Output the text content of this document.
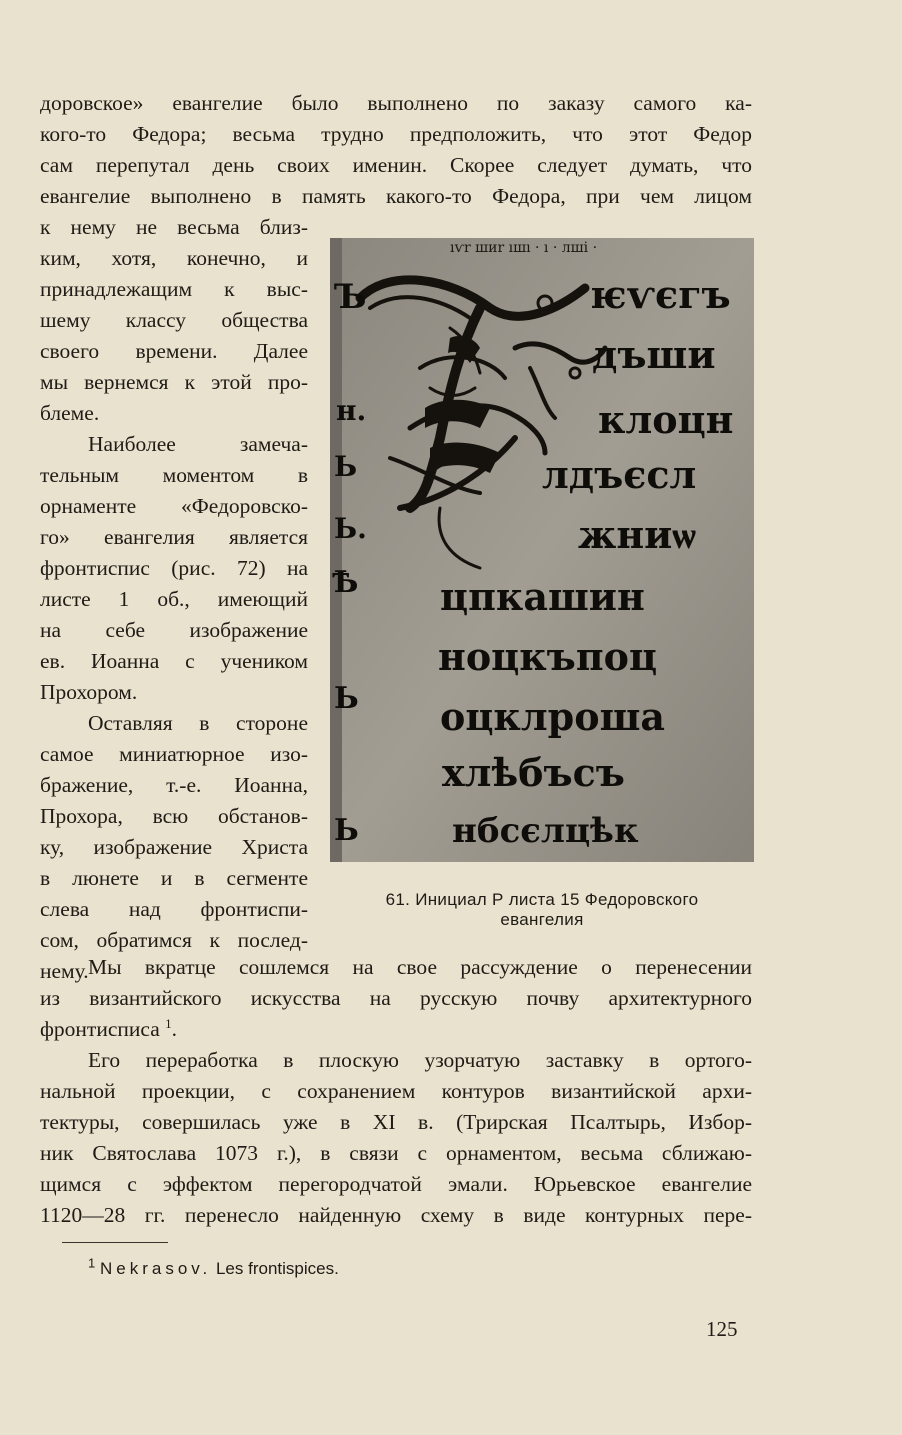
доровское» евангелие было выполнено по заказу самого ка-
кого-то Федора; весьма трудно предположить, что этот Федор
сам перепутал день своих именин. Скорее следует думать, что
евангелие выполнено в память какого-то Федора, при чем лицом

к нему не весьма близ-
ким, хотя, конечно, и
принадлежащим к выс-
шему классу общества
своего времени. Далее
мы вернемся к этой про-
блеме.

Наиболее замеча-
тельным моментом в
орнаменте «Федоровско-
го» евангелия является
фронтиспис (рис. 72) на
листе 1 об., имеющий
на себе изображение
ев. Иоанна с учеником
Прохором.

Оставляя в стороне
самое миниатюрное изо-
бражение, т.-е. Иоанна,
Прохора, всю обстанов-
ку, изображение Христа
в люнете и в сегменте
слева над фронтиспи-
сом, обратимся к послед-
нему.

ıѵr шиr ıшı · ı · лші ·
ѥѵєгъ
дъши
клоцн
лдъєсл
жниѡ
цпкашин
ноцкъпоц
оцклроша
хлѣбъсъ
нбсєлцѣк
Ъ
н.
Ь
Ь.
Ѣ
Ь
Ь
61. Инициал Р листа 15 Федоровского
евангелия

Мы вкратце сошлемся на свое рассуждение о перенесении
из византийского искусства на русскую почву архитектурного
фронтисписа $^1$.

Его переработка в плоскую узорчатую заставку в ортого-
нальной проекции, с сохранением контуров византийской архи-
тектуры, совершилась уже в XI в. (Трирская Псалтырь, Избор-
ник Святослава 1073 г.), в связи с орнаментом, весьма сближаю-
щимся с эффектом перегородчатой эмали. Юрьевское евангелие
1120—28 гг. перенесло найденную схему в виде контурных пере-

$^1$ Nekrasov. Les frontispices.
125
